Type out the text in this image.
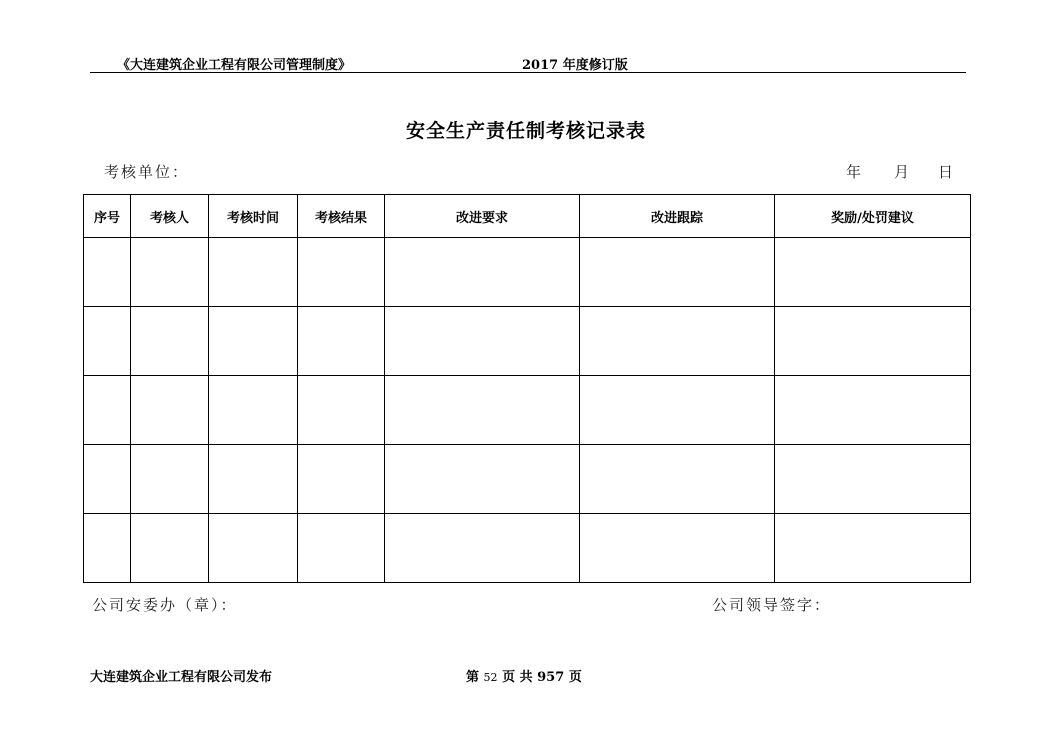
《大连建筑企业工程有限公司管理制度》	2017 年度修订版
安全生产责任制考核记录表
考核单位：	年 月 日
序号	考核人	考核时间	考核结果	改进要求	改进跟踪	奖励/处罚建议

公司安委办（章）：	公司领导签字：
大连建筑企业工程有限公司发布	第 52 页 共 957 页
